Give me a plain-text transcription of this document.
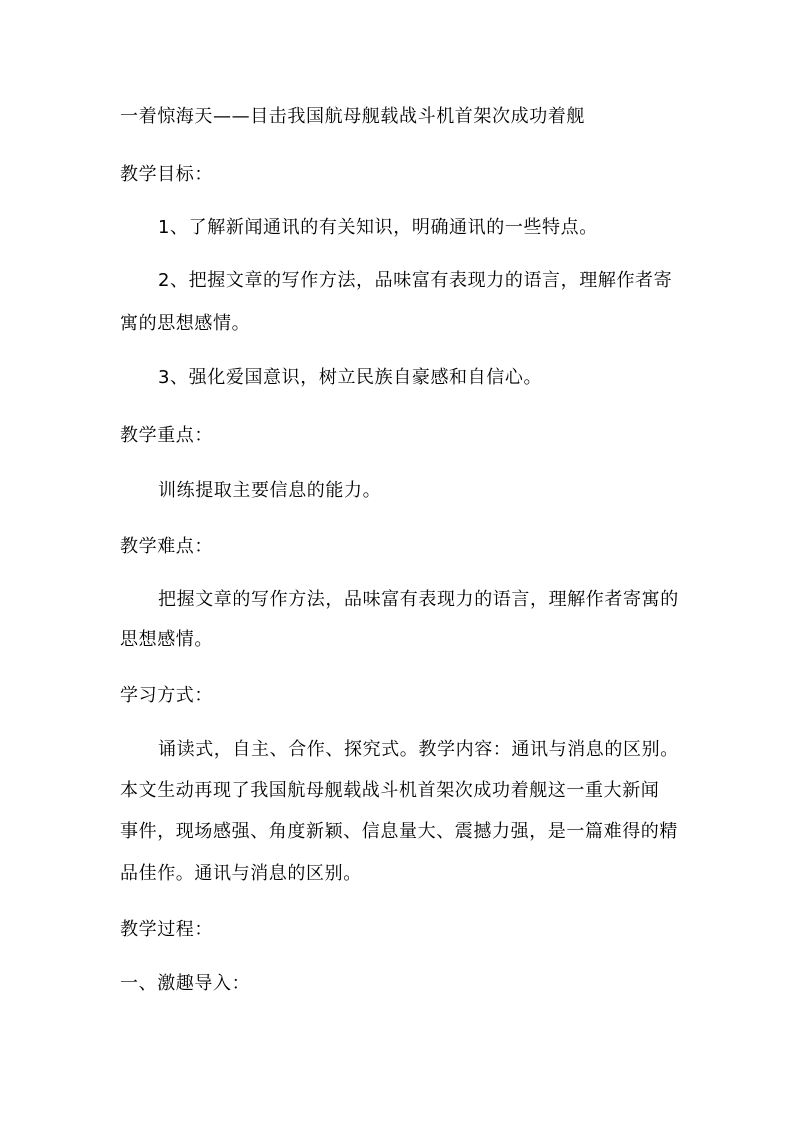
一着惊海天——目击我国航母舰载战斗机首架次成功着舰
教学目标：
1、了解新闻通讯的有关知识，明确通讯的一些特点。
2、把握文章的写作方法，品味富有表现力的语言，理解作者寄
寓的思想感情。
3、强化爱国意识，树立民族自豪感和自信心。
教学重点：
训练提取主要信息的能力。
教学难点：
把握文章的写作方法，品味富有表现力的语言，理解作者寄寓的
思想感情。
学习方式：
诵读式，自主、合作、探究式。教学内容：通讯与消息的区别。
本文生动再现了我国航母舰载战斗机首架次成功着舰这一重大新闻
事件，现场感强、角度新颖、信息量大、震撼力强，是一篇难得的精
品佳作。通讯与消息的区别。
教学过程：
一、激趣导入：
